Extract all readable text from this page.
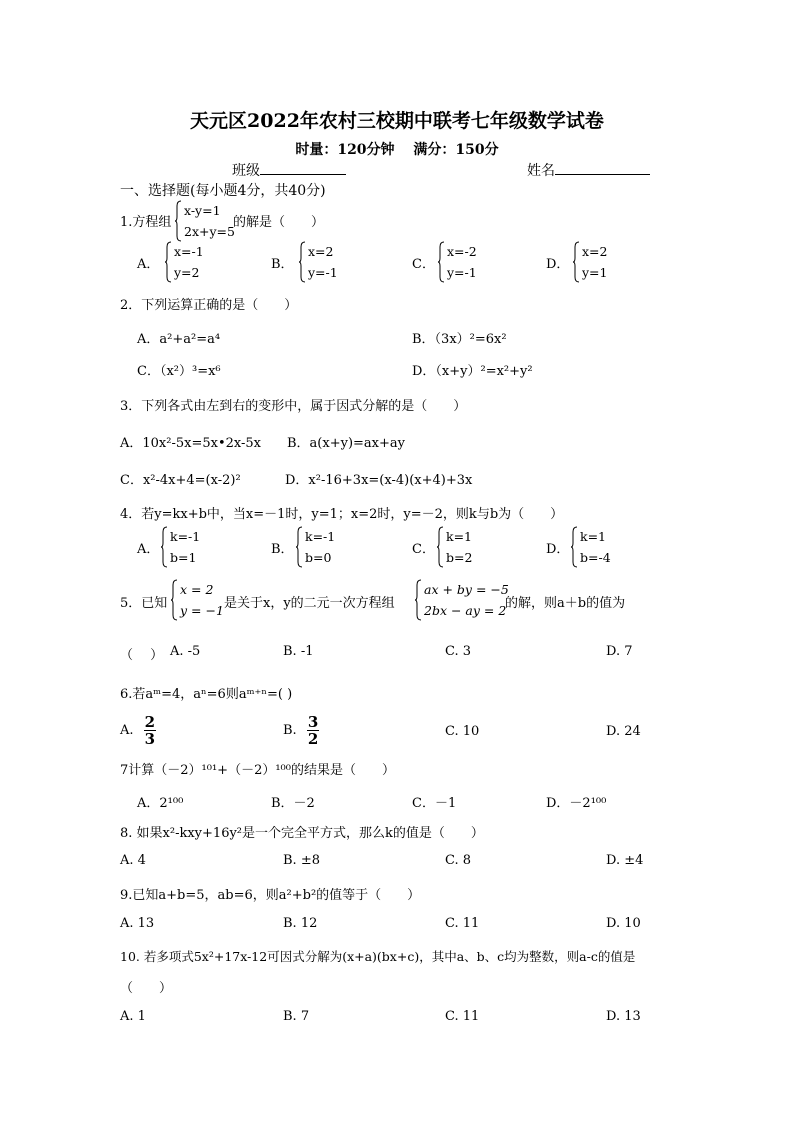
天元区2022年农村三校期中联考七年级数学试卷
时量：120分钟　 满分：150分
班级	姓名
一、选择题(每小题4分，共40分)
1.方程组
x-y=1
2x+y=5
的解是（　　）
A．
x=-1
y=2
B．
x=2
y=-1
C．
x=-2
y=-1
D．
x=2
y=1
2．下列运算正确的是（　　）
A．a²+a²=a⁴	B．（3x）²=6x²
C．（x²）³=x⁶	D．（x+y）²=x²+y²
3．下列各式由左到右的变形中，属于因式分解的是（　　）
A．10x²-5x=5x•2x-5x B．a(x+y)=ax+ay
C．x²-4x+4=(x-2)²	D．x²-16+3x=(x-4)(x+4)+3x
4．若y=kx+b中，当x=－1时，y=1；x=2时，y=－2，则k与b为（　　）
A．
k=-1
b=1
B．
k=-1
b=0
C．
k=1
b=2
D．
k=1
b=-4
5．已知
x = 2
y = −1 是关于x，y的二元一次方程组
ax + by = −5
2bx − ay = 2
的解，则a＋b的值为
（　 ） A. -5	B. -1	C. 3	D. 7
6.若aᵐ=4，aⁿ=6则aᵐ⁺ⁿ=( )
A. $\frac{2}{3}$	B. $\frac{3}{2}$	C. 10	D. 24
7计算（－2）¹⁰¹+（－2）¹⁰⁰的结果是（　　）
A．2¹⁰⁰	B．－2	C．－1	D．－2¹⁰⁰
8. 如果x²-kxy+16y²是一个完全平方式，那么k的值是（　　）
A. 4	B. ±8	C. 8	D. ±4
9.已知a+b=5，ab=6，则a²+b²的值等于（　　）
A. 13	B. 12	C. 11	D. 10
10. 若多项式5x²+17x-12可因式分解为(x+a)(bx+c)，其中a、b、c均为整数，则a-c的值是
（　　）
A. 1	B. 7	C. 11	D. 13
